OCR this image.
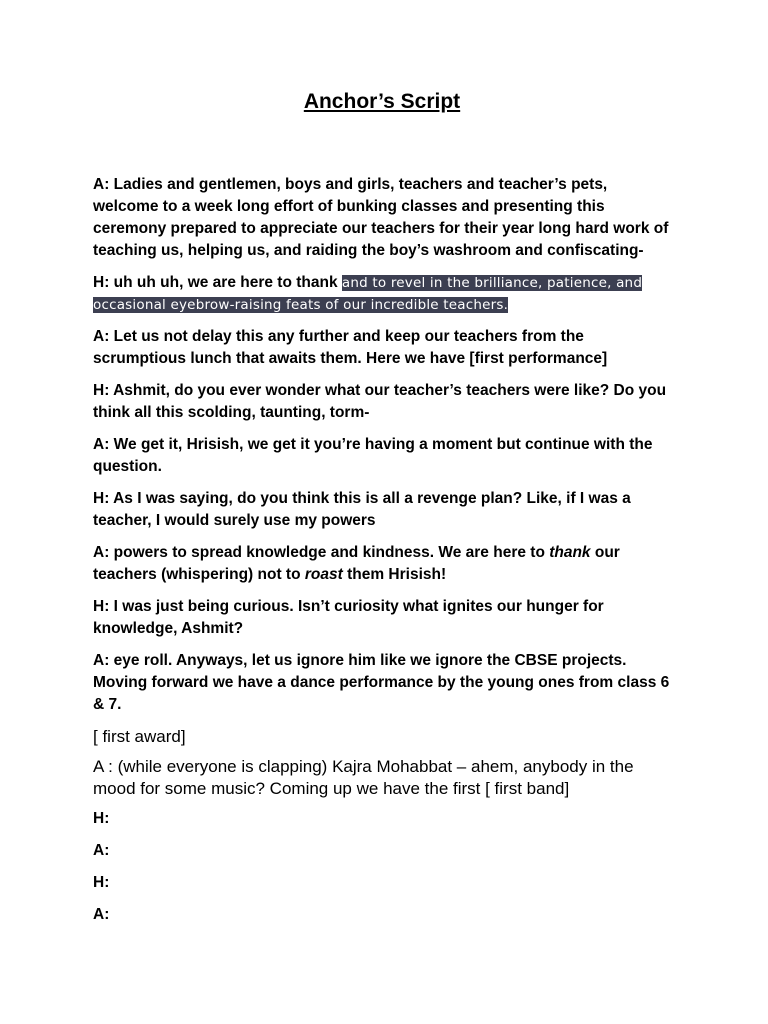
Anchor’s Script

A: Ladies and gentlemen, boys and girls, teachers and teacher’s pets, welcome to a week long effort of bunking classes and presenting this ceremony prepared to appreciate our teachers for their year long hard work of teaching us, helping us, and raiding the boy’s washroom and confiscating-

H: uh uh uh, we are here to thank and to revel in the brilliance, patience, and occasional eyebrow-raising feats of our incredible teachers.

A: Let us not delay this any further and keep our teachers from the scrumptious lunch that awaits them. Here we have [first performance]

H: Ashmit, do you ever wonder what our teacher’s teachers were like? Do you think all this scolding, taunting, torm-

A: We get it, Hrisish, we get it you’re having a moment but continue with the question.

H: As I was saying, do you think this is all a revenge plan? Like, if I was a teacher, I would surely use my powers

A: powers to spread knowledge and kindness. We are here to thank our teachers (whispering) not to roast them Hrisish!

H: I was just being curious. Isn’t curiosity what ignites our hunger for knowledge, Ashmit?

A: eye roll. Anyways, let us ignore him like we ignore the CBSE projects. Moving forward we have a dance performance by the young ones from class 6 & 7.

[ first award]

A : (while everyone is clapping) Kajra Mohabbat – ahem, anybody in the mood for some music? Coming up we have the first [ first band]

H:

A:

H:

A:
